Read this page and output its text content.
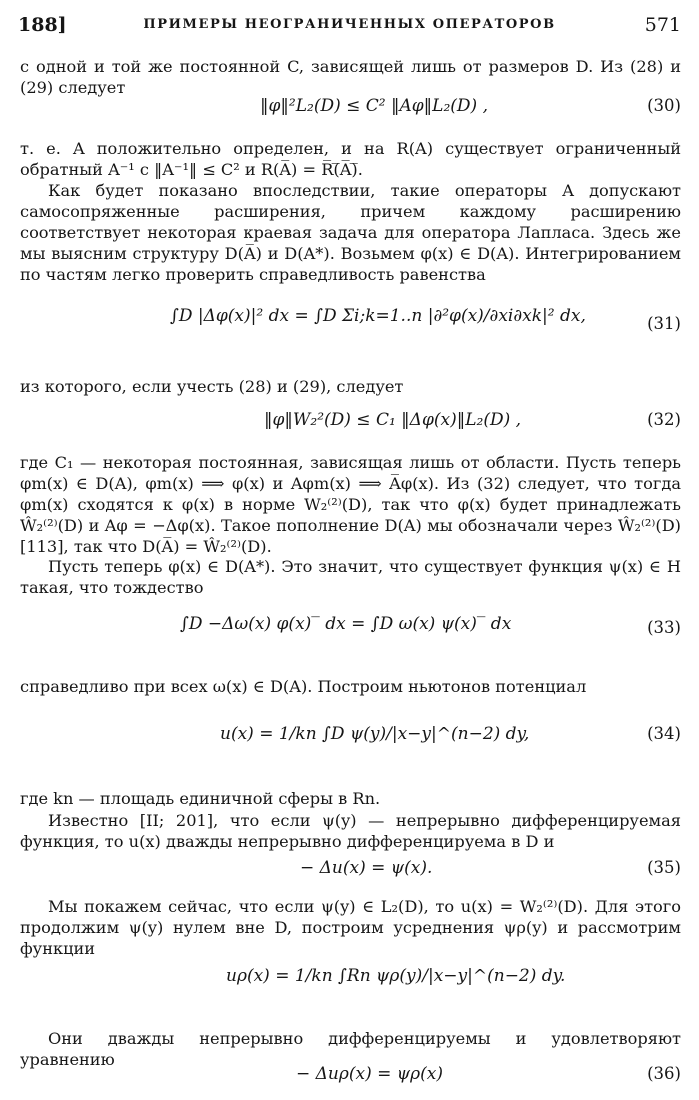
188]	ПРИМЕРЫ НЕОГРАНИЧЕННЫХ ОПЕРАТОРОВ	571

с одной и той же постоянной C, зависящей лишь от размеров D. Из (28) и (29) следует

‖φ‖²L₂(D) ≤ C² ‖Aφ‖L₂(D) ,	(30)

т. е. A положительно определен, и на R(A) существует ограниченный обратный A⁻¹ с ‖A⁻¹‖ ≤ C² и R(A̅) = R̅(̅A̅)̅.

Как будет показано впоследствии, такие операторы A допускают самосопряженные расширения, причем каждому расширению соответствует некоторая краевая задача для оператора Лапласа. Здесь же мы выясним структуру D(A̅) и D(A*). Возьмем φ(x) ∈ D(A). Интегрированием по частям легко проверить справедливость равенства

∫D |Δφ(x)|² dx = ∫D Σi;k=1..n |∂²φ(x)/∂xi∂xk|² dx,	(31)

из которого, если учесть (28) и (29), следует

‖φ‖W₂²(D) ≤ C₁ ‖Δφ(x)‖L₂(D) ,	(32)

где C₁ — некоторая постоянная, зависящая лишь от области. Пусть теперь φm(x) ∈ D(A), φm(x) ⟹ φ(x) и Aφm(x) ⟹ A̅φ(x). Из (32) следует, что тогда φm(x) сходятся к φ(x) в норме W₂⁽²⁾(D), так что φ(x) будет принадлежать Ŵ₂⁽²⁾(D) и Aφ = −Δφ(x). Такое пополнение D(A) мы обозначали через Ŵ₂⁽²⁾(D) [113], так что D(A̅) = Ŵ₂⁽²⁾(D).

Пусть теперь φ(x) ∈ D(A*). Это значит, что существует функция ψ(x) ∈ H такая, что тождество

∫D −Δω(x) φ(x)‾ dx = ∫D ω(x) ψ(x)‾ dx	(33)

справедливо при всех ω(x) ∈ D(A). Построим ньютонов потенциал

u(x) = 1/kn ∫D ψ(y)/|x−y|^(n−2) dy,	(34)

где kn — площадь единичной сферы в Rn.

Известно [II; 201], что если ψ(y) — непрерывно дифференцируемая функция, то u(x) дважды непрерывно дифференцируема в D и

− Δu(x) = ψ(x).	(35)

Мы покажем сейчас, что если ψ(y) ∈ L₂(D), то u(x) = W₂⁽²⁾(D). Для этого продолжим ψ(y) нулем вне D, построим усреднения ψρ(y) и рассмотрим функции

uρ(x) = 1/kn ∫Rn ψρ(y)/|x−y|^(n−2) dy.

Они дважды непрерывно дифференцируемы и удовлетворяют уравнению

− Δuρ(x) = ψρ(x)	(36)
